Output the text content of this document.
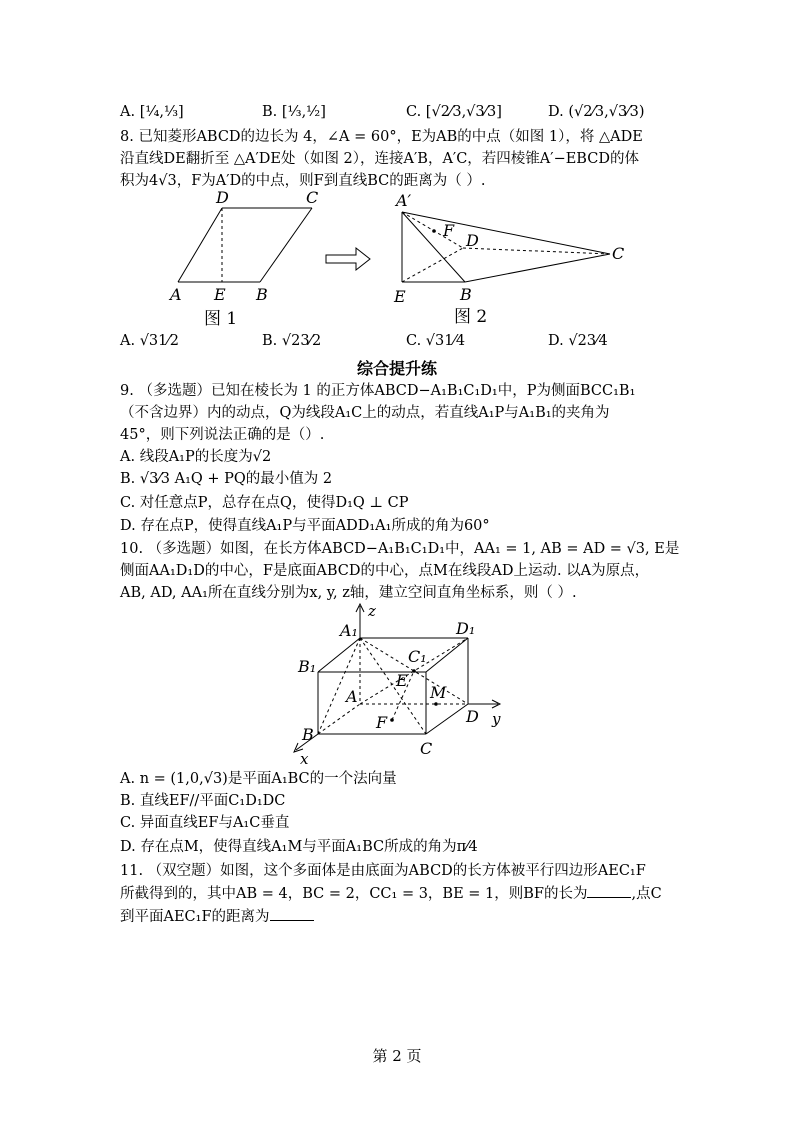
A. [¹⁄₄,¹⁄₃]	B. [¹⁄₃,¹⁄₂]	C. [√2⁄3,√3⁄3]	D. (√2⁄3,√3⁄3)
8. 已知菱形ABCD的边长为 4，∠A = 60°，E为AB的中点（如图 1），将 △ADE
沿直线DE翻折至 △A′DE处（如图 2），连接A′B，A′C，若四棱锥A′−EBCD的体
积为4√3，F为A′D的中点，则F到直线BC的距离为（ ）.
A E B
C
D
图 1
A′
F
D
C
E	B
图 2
A. √31⁄2	B. √23⁄2	C. √31⁄4	D. √23⁄4
综合提升练
9. （多选题）已知在棱长为 1 的正方体ABCD−A₁B₁C₁D₁中，P为侧面BCC₁B₁
（不含边界）内的动点，Q为线段A₁C上的动点，若直线A₁P与A₁B₁的夹角为
45°，则下列说法正确的是（）.
A. 线段A₁P的长度为√2
B. √3⁄3 A₁Q + PQ的最小值为 2
C. 对任意点P，总存在点Q，使得D₁Q ⊥ CP
D. 存在点P，使得直线A₁P与平面ADD₁A₁所成的角为60°
10. （多选题）如图，在长方体ABCD−A₁B₁C₁D₁中，AA₁ = 1, AB = AD = √3, E是
侧面AA₁D₁D的中心，F是底面ABCD的中心，点M在线段AD上运动. 以A为原点，
AB, AD, AA₁所在直线分别为x, y, z轴，建立空间直角坐标系，则（ ）.
A₁
z
D₁
B₁
C₁
E
M
A
F	D y
B
C
x
A. n = (1,0,√3)是平面A₁BC的一个法向量
B. 直线EF//平面C₁D₁DC
C. 异面直线EF与A₁C垂直
D. 存在点M，使得直线A₁M与平面A₁BC所成的角为π⁄4
11. （双空题）如图，这个多面体是由底面为ABCD的长方体被平行四边形AEC₁F
所截得到的，其中AB = 4，BC = 2，CC₁ = 3，BE = 1，则BF的长为	,点C
到平面AEC₁F的距离为
第 2 页
